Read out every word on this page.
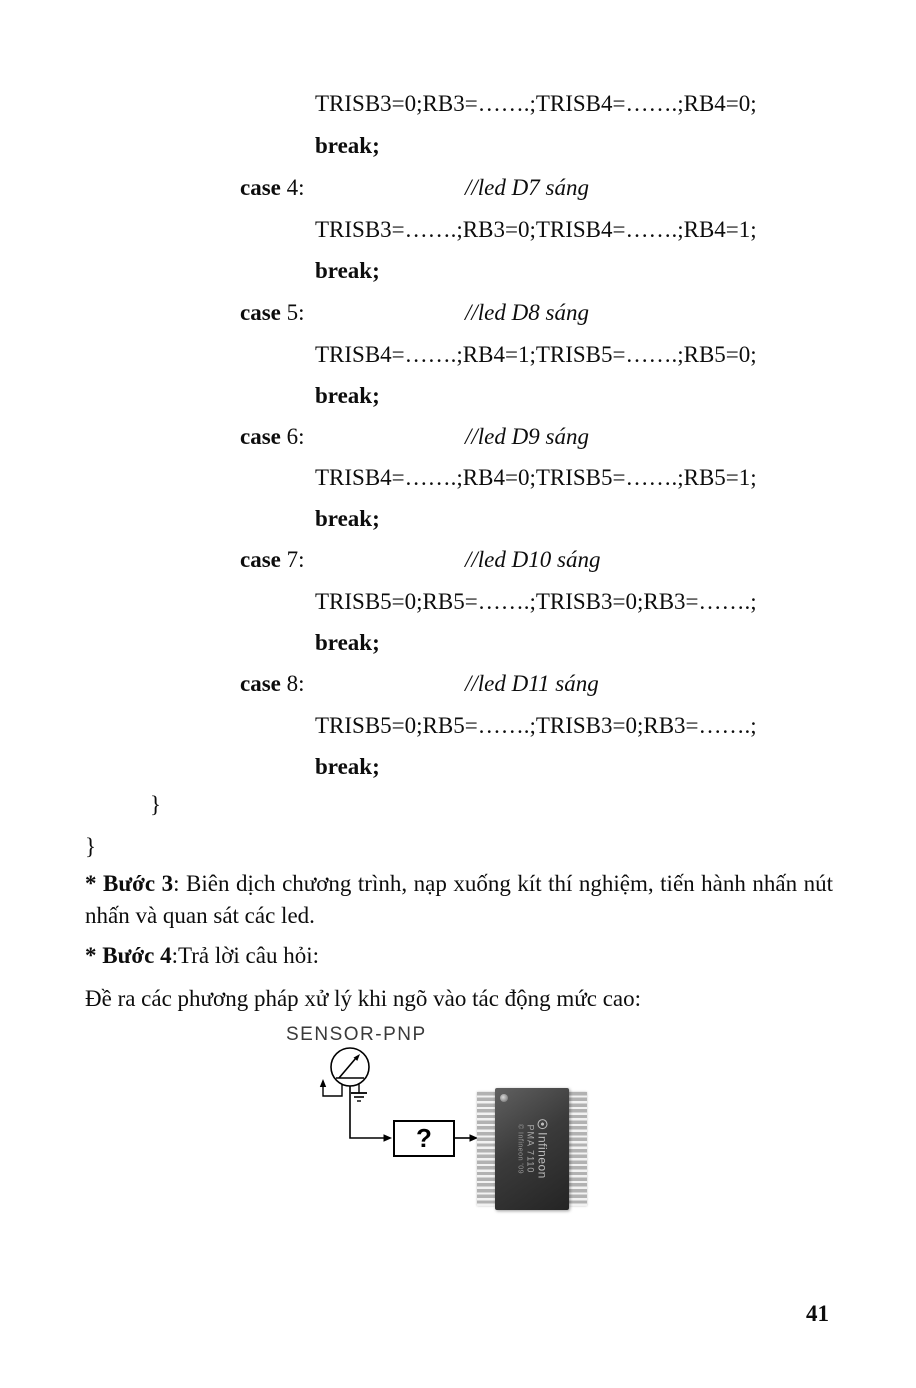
TRISB3=0;RB3=…….;TRISB4=…….;RB4=0;
break;
case 4:	//led D7 sáng
TRISB3=…….;RB3=0;TRISB4=…….;RB4=1;
break;
case 5:	//led D8 sáng
TRISB4=…….;RB4=1;TRISB5=…….;RB5=0;
break;
case 6:	//led D9 sáng
TRISB4=…….;RB4=0;TRISB5=…….;RB5=1;
break;
case 7:	//led D10 sáng
TRISB5=0;RB5=…….;TRISB3=0;RB3=…….;
break;
case 8:	//led D11 sáng
TRISB5=0;RB5=…….;TRISB3=0;RB3=…….;
break;
}
}
* Bước 3: Biên dịch chương trình, nạp xuống kít thí nghiệm, tiến hành nhấn nút nhấn và quan sát các led.
* Bước 4:Trả lời câu hỏi:
Đề ra các phương pháp xử lý khi ngõ vào tác động mức cao:
SENSOR-PNP
?	Infineon
PMA 7110
© Infineon '09
41
